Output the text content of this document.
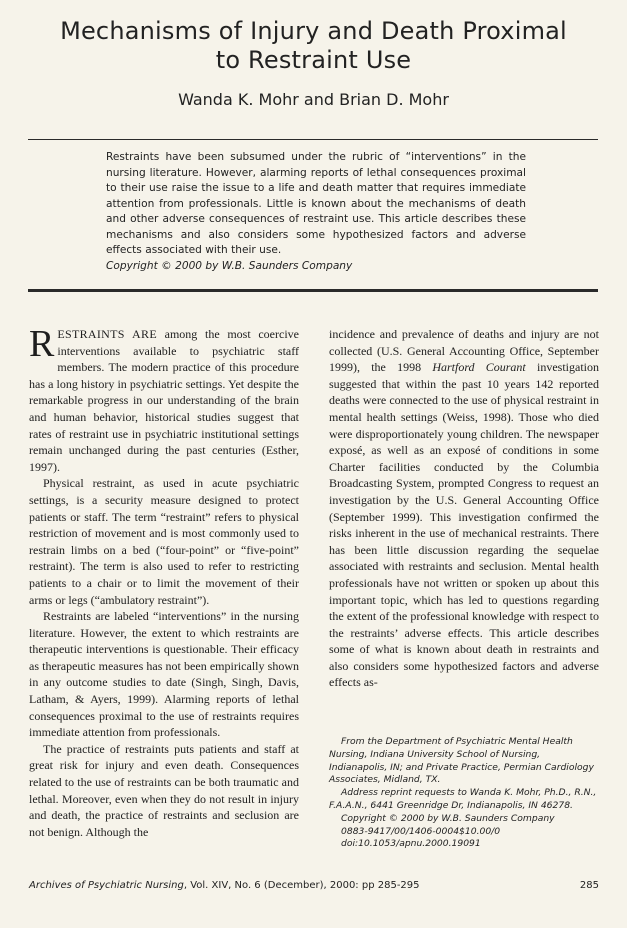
Mechanisms of Injury and Death Proximal
to Restraint Use
Wanda K. Mohr and Brian D. Mohr
Restraints have been subsumed under the rubric of “interventions” in the nursing literature. However, alarming reports of lethal consequences proximal to their use raise the issue to a life and death matter that requires immediate attention from professionals. Little is known about the mechanisms of death and other adverse consequences of restraint use. This article describes these mechanisms and also considers some hypothesized factors and adverse effects associated with their use.
Copyright © 2000 by W.B. Saunders Company

RESTRAINTS ARE among the most coercive interventions available to psychiatric staff members. The modern practice of this procedure has a long history in psychiatric settings. Yet despite the remarkable progress in our understanding of the brain and human behavior, historical studies suggest that rates of restraint use in psychiatric institutional settings remain unchanged during the past centuries (Esther, 1997).

Physical restraint, as used in acute psychiatric settings, is a security measure designed to protect patients or staff. The term “restraint” refers to physical restriction of movement and is most commonly used to restrain limbs on a bed (“four-point” or “five-point” restraint). The term is also used to refer to restricting patients to a chair or to limit the movement of their arms or legs (“ambulatory restraint”).

Restraints are labeled “interventions” in the nursing literature. However, the extent to which restraints are therapeutic interventions is questionable. Their efficacy as therapeutic measures has not been empirically shown in any outcome studies to date (Singh, Singh, Davis, Latham, & Ayers, 1999). Alarming reports of lethal consequences proximal to the use of restraints requires immediate attention from professionals.

The practice of restraints puts patients and staff at great risk for injury and even death. Consequences related to the use of restraints can be both traumatic and lethal. Moreover, even when they do not result in injury and death, the practice of restraints and seclusion are not benign. Although the

incidence and prevalence of deaths and injury are not collected (U.S. General Accounting Office, September 1999), the 1998 Hartford Courant investigation suggested that within the past 10 years 142 reported deaths were connected to the use of physical restraint in mental health settings (Weiss, 1998). Those who died were disproportionately young children. The newspaper exposé, as well as an exposé of conditions in some Charter facilities conducted by the Columbia Broadcasting System, prompted Congress to request an investigation by the U.S. General Accounting Office (September 1999). This investigation confirmed the risks inherent in the use of mechanical restraints. There has been little discussion regarding the sequelae associated with restraints and seclusion. Mental health professionals have not written or spoken up about this important topic, which has led to questions regarding the extent of the professional knowledge with respect to the restraints’ adverse effects. This article describes some of what is known about death in restraints and also considers some hypothesized factors and adverse effects as-

From the Department of Psychiatric Mental Health Nursing, Indiana University School of Nursing, Indianapolis, IN; and Private Practice, Permian Cardiology Associates, Midland, TX.

Address reprint requests to Wanda K. Mohr, Ph.D., R.N., F.A.A.N., 6441 Greenridge Dr, Indianapolis, IN 46278.

Copyright © 2000 by W.B. Saunders Company

0883-9417/00/1406-0004$10.00/0

doi:10.1053/apnu.2000.19091

Archives of Psychiatric Nursing, Vol. XIV, No. 6 (December), 2000: pp 285-295	285
